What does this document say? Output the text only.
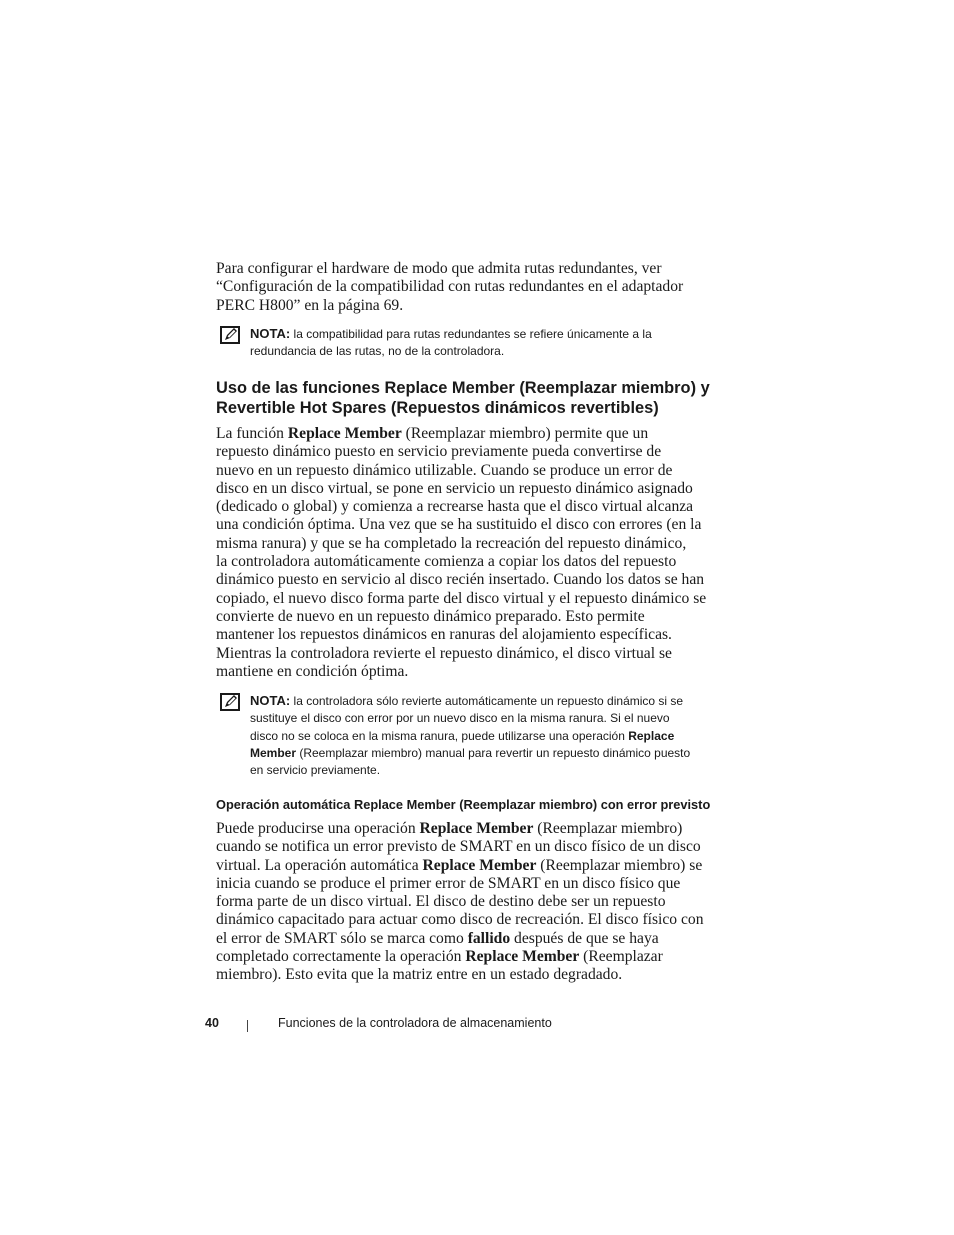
Para configurar el hardware de modo que admita rutas redundantes, ver
“Configuración de la compatibilidad con rutas redundantes en el adaptador
PERC H800” en la página 69.

NOTA: la compatibilidad para rutas redundantes se refiere únicamente a la
redundancia de las rutas, no de la controladora.
Uso de las funciones Replace Member (Reemplazar miembro) y
Revertible Hot Spares (Repuestos dinámicos revertibles)

La función Replace Member (Reemplazar miembro) permite que un
repuesto dinámico puesto en servicio previamente pueda convertirse de
nuevo en un repuesto dinámico utilizable. Cuando se produce un error de
disco en un disco virtual, se pone en servicio un repuesto dinámico asignado
(dedicado o global) y comienza a recrearse hasta que el disco virtual alcanza
una condición óptima. Una vez que se ha sustituido el disco con errores (en la
misma ranura) y que se ha completado la recreación del repuesto dinámico,
la controladora automáticamente comienza a copiar los datos del repuesto
dinámico puesto en servicio al disco recién insertado. Cuando los datos se han
copiado, el nuevo disco forma parte del disco virtual y el repuesto dinámico se
convierte de nuevo en un repuesto dinámico preparado. Esto permite
mantener los repuestos dinámicos en ranuras del alojamiento específicas.
Mientras la controladora revierte el repuesto dinámico, el disco virtual se
mantiene en condición óptima.

NOTA: la controladora sólo revierte automáticamente un repuesto dinámico si se
sustituye el disco con error por un nuevo disco en la misma ranura. Si el nuevo
disco no se coloca en la misma ranura, puede utilizarse una operación Replace
Member (Reemplazar miembro) manual para revertir un repuesto dinámico puesto
en servicio previamente.
Operación automática Replace Member (Reemplazar miembro) con error previsto

Puede producirse una operación Replace Member (Reemplazar miembro)
cuando se notifica un error previsto de SMART en un disco físico de un disco
virtual. La operación automática Replace Member (Reemplazar miembro) se
inicia cuando se produce el primer error de SMART en un disco físico que
forma parte de un disco virtual. El disco de destino debe ser un repuesto
dinámico capacitado para actuar como disco de recreación. El disco físico con
el error de SMART sólo se marca como fallido después de que se haya
completado correctamente la operación Replace Member (Reemplazar
miembro). Esto evita que la matriz entre en un estado degradado.

40	Funciones de la controladora de almacenamiento
